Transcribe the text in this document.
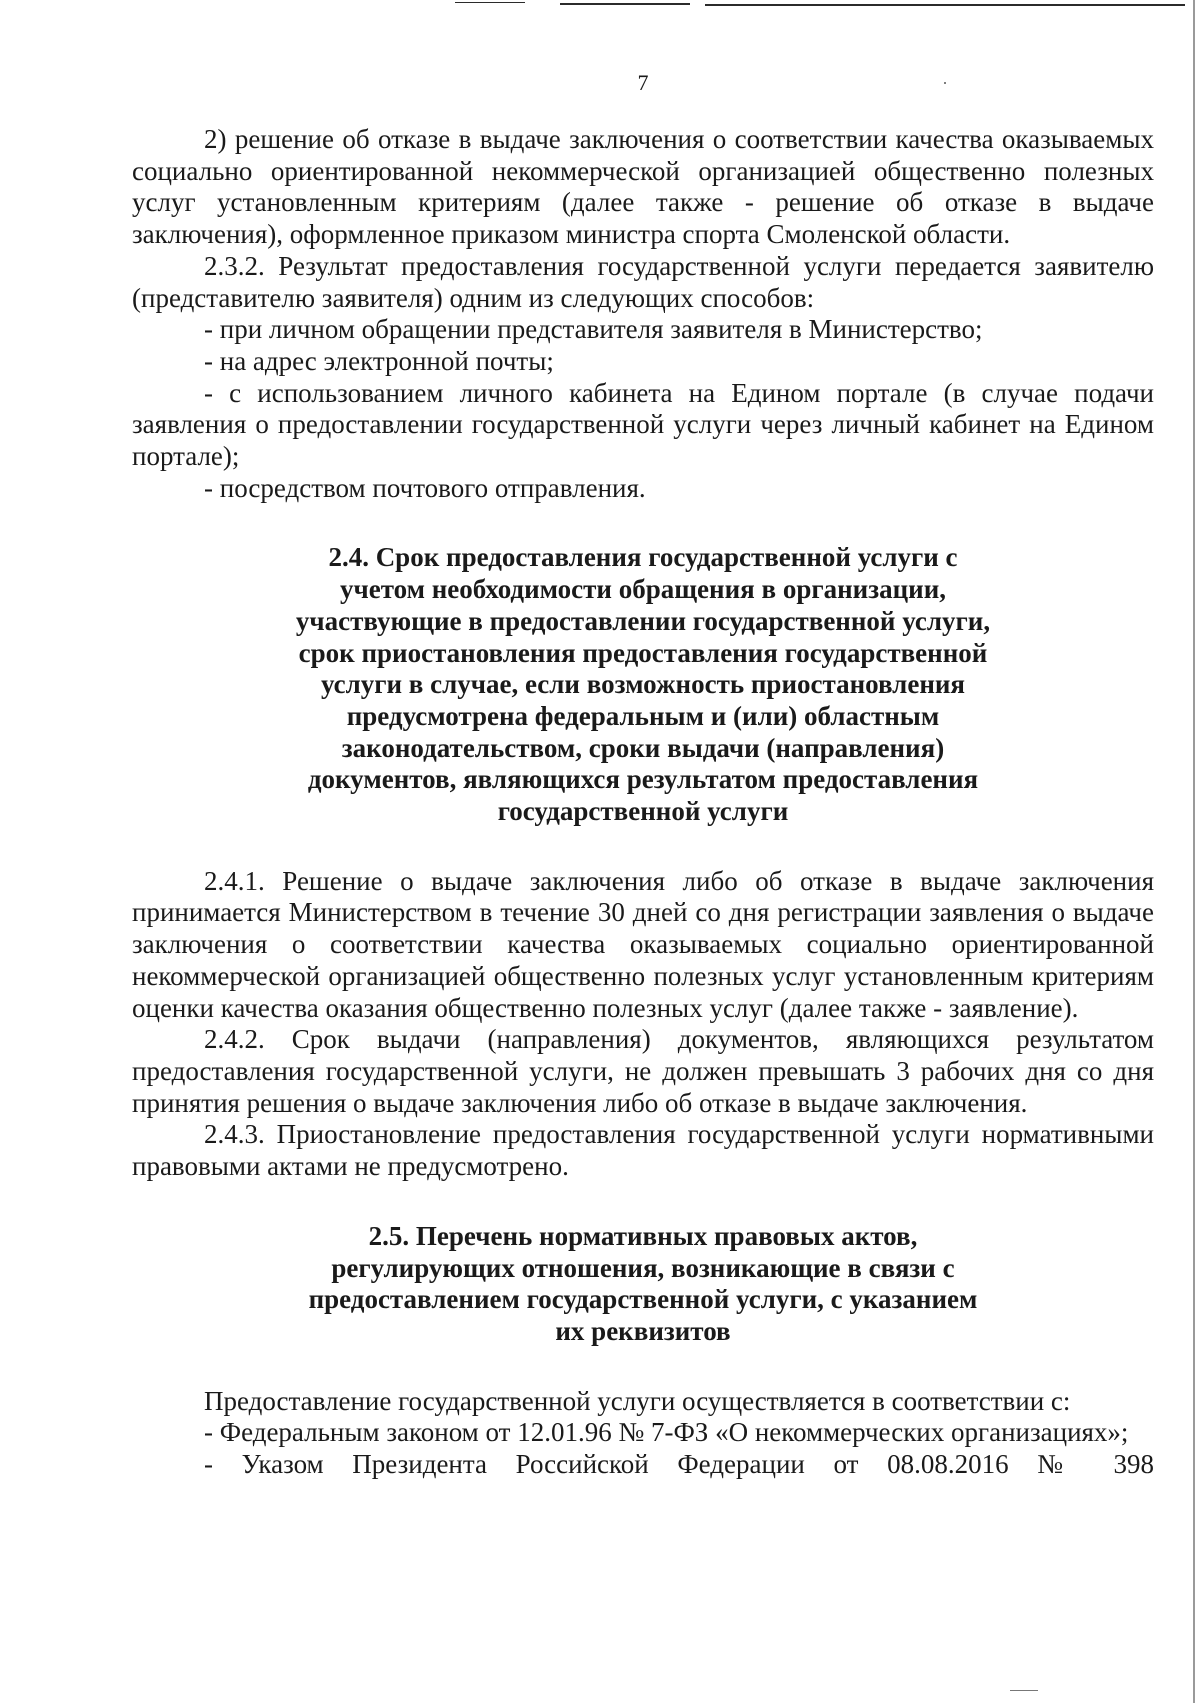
7

2) решение об отказе в выдаче заключения о соответствии качества оказываемых социально ориентированной некоммерческой организацией общественно полезных услуг установленным критериям (далее также - решение об отказе в выдаче заключения), оформленное приказом министра спорта Смоленской области.

2.3.2. Результат предоставления государственной услуги передается заявителю (представителю заявителя) одним из следующих способов:

- при личном обращении представителя заявителя в Министерство;

- на адрес электронной почты;

- с использованием личного кабинета на Едином портале (в случае подачи заявления о предоставлении государственной услуги через личный кабинет на Едином портале);

- посредством почтового отправления.

2.4. Срок предоставления государственной услуги с учетом необходимости обращения в организации, участвующие в предоставлении государственной услуги, срок приостановления предоставления государственной услуги в случае, если возможность приостановления предусмотрена федеральным и (или) областным законодательством, сроки выдачи (направления) документов, являющихся результатом предоставления государственной услуги

2.4.1. Решение о выдаче заключения либо об отказе в выдаче заключения принимается Министерством в течение 30 дней со дня регистрации заявления о выдаче заключения о соответствии качества оказываемых социально ориентированной некоммерческой организацией общественно полезных услуг установленным критериям оценки качества оказания общественно полезных услуг (далее также - заявление).

2.4.2. Срок выдачи (направления) документов, являющихся результатом предоставления государственной услуги, не должен превышать 3 рабочих дня со дня принятия решения о выдаче заключения либо об отказе в выдаче заключения.

2.4.3. Приостановление предоставления государственной услуги нормативными правовыми актами не предусмотрено.

2.5. Перечень нормативных правовых актов, регулирующих отношения, возникающие в связи с предоставлением государственной услуги, с указанием их реквизитов

Предоставление государственной услуги осуществляется в соответствии с:

- Федеральным законом от 12.01.96 № 7-ФЗ «О некоммерческих организациях»;

- Указом Президента Российской Федерации от 08.08.2016 № 398
